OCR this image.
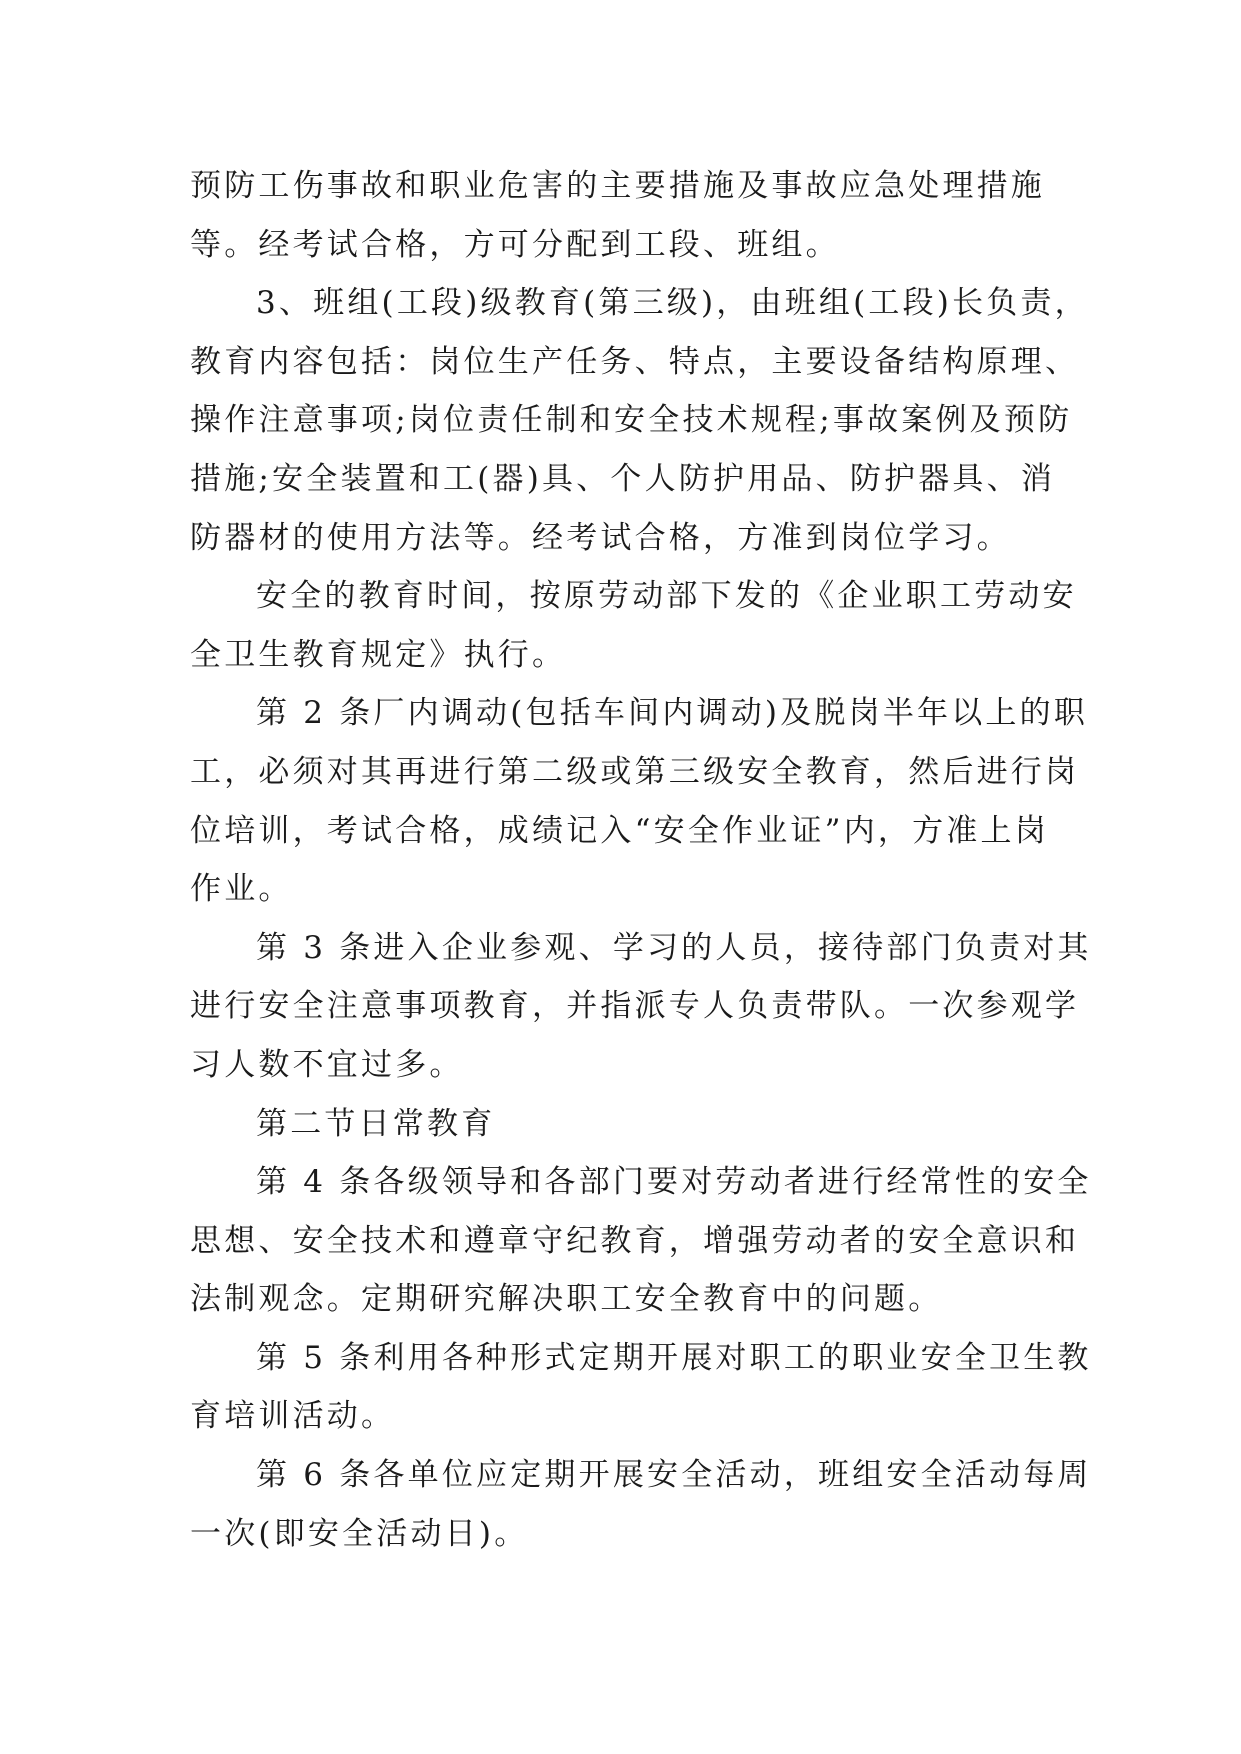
预防工伤事故和职业危害的主要措施及事故应急处理措施
等。经考试合格，方可分配到工段、班组。
3、班组(工段)级教育(第三级)，由班组(工段)长负责，
教育内容包括：岗位生产任务、特点，主要设备结构原理、
操作注意事项;岗位责任制和安全技术规程;事故案例及预防
措施;安全装置和工(器)具、个人防护用品、防护器具、消
防器材的使用方法等。经考试合格，方准到岗位学习。
安全的教育时间，按原劳动部下发的《企业职工劳动安
全卫生教育规定》执行。
第 2 条厂内调动(包括车间内调动)及脱岗半年以上的职
工，必须对其再进行第二级或第三级安全教育，然后进行岗
位培训，考试合格，成绩记入“安全作业证”内，方准上岗
作业。
第 3 条进入企业参观、学习的人员，接待部门负责对其
进行安全注意事项教育，并指派专人负责带队。一次参观学
习人数不宜过多。
第二节日常教育
第 4 条各级领导和各部门要对劳动者进行经常性的安全
思想、安全技术和遵章守纪教育，增强劳动者的安全意识和
法制观念。定期研究解决职工安全教育中的问题。
第 5 条利用各种形式定期开展对职工的职业安全卫生教
育培训活动。
第 6 条各单位应定期开展安全活动，班组安全活动每周
一次(即安全活动日)。
